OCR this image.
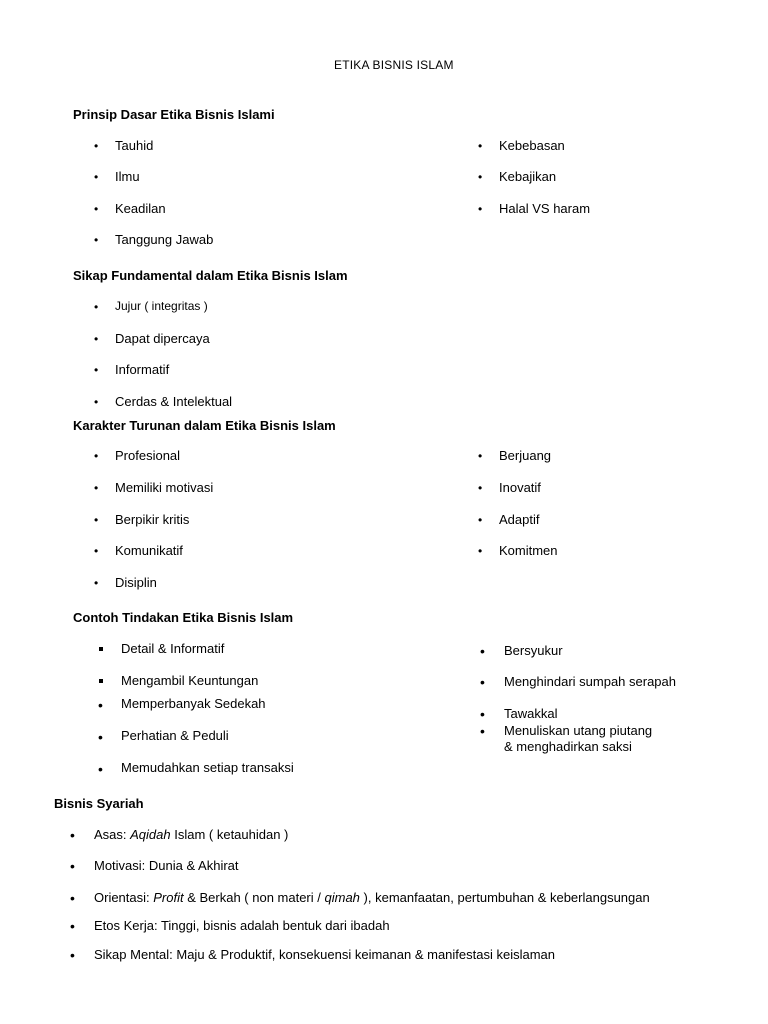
ETIKA BISNIS ISLAM
Prinsip Dasar Etika Bisnis Islami
• Tauhid
• Ilmu
• Keadilan
• Tanggung Jawab
• Kebebasan
• Kebajikan
• Halal VS haram
Sikap Fundamental dalam Etika Bisnis Islam
• Jujur ( integritas )
• Dapat dipercaya
• Informatif
• Cerdas & Intelektual
Karakter Turunan dalam Etika Bisnis Islam
• Profesional
• Memiliki motivasi
• Berpikir kritis
• Komunikatif
• Disiplin
• Berjuang
• Inovatif
• Adaptif
• Komitmen
Contoh Tindakan Etika Bisnis Islam
Detail & Informatif
Mengambil Keuntungan
• Memperbanyak Sedekah
• Perhatian & Peduli
• Memudahkan setiap transaksi
• Bersyukur
• Menghindari sumpah serapah
• Tawakkal
• Menuliskan utang piutang
& menghadirkan saksi
Bisnis Syariah
• Asas: Aqidah Islam ( ketauhidan )
• Motivasi: Dunia & Akhirat
• Orientasi: Profit & Berkah ( non materi / qimah ), kemanfaatan, pertumbuhan & keberlangsungan
• Etos Kerja: Tinggi, bisnis adalah bentuk dari ibadah
• Sikap Mental: Maju & Produktif, konsekuensi keimanan & manifestasi keislaman
